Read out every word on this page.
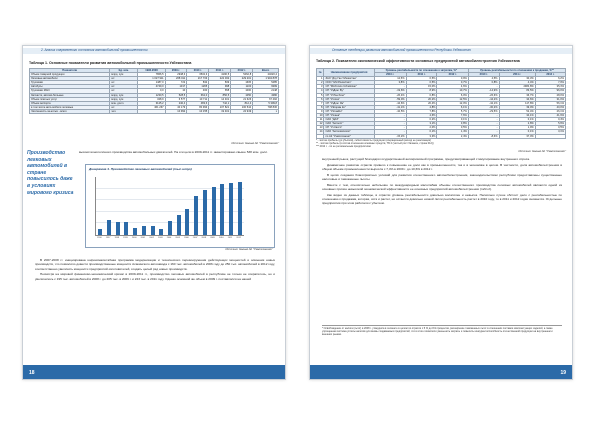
2. Анализ современного состояния автомобильной промышленности
Таблица 1. Основные показатели развития автомобильной промышленности Узбекистана
Показатели	Ед. изм.	1996-2008	2009 г.	2010 г.	2011 г.	2012 г.	Всего
Объем товарной продукции	млрд. сум	7866,5	2948,3	3532,3	4190,5	5462,8	24020,4
Легковые автомобили	шт	1 027 911	208 011	217 733	222 032	229 201	1 904 878
Грузовики	шт	1487,0	722	832	839	1605	5485
Автобусы	шт	4749,0	1317	1265	998	1100	9399
Грузовики MAN	шт	0,0	10	460	658	1000	2148
Запчасти, автомо-бильные	млрд. сум	1230,5	528,5	662,0	856,5	1050	4380
Объем платных услуг	млрд. сум	328,9	6 577	10 711	14 401	21 626	67 492
Объем экспорта	млн. долл.	3125,2	240,4	483,6	742,1	812,4	5 399,8
в том числе авто-мобили легковые	шт	461 267	40 179	80 993	107 821	100 544	798 836
Численность за-нятых - всего	чел.		10 992	10 155	19 401	22 949	х
Источник: данные АК "Узавтосаноат"

высокотехнологичного производства автомобильных двигателей. На эти цели в 2009-2011 гг. инвестировано свыше 538 млн. долл.

Производство легковых автомобилей в стране повысилось даже в условиях мирового кризиса
Диаграмма 4. Производство легковых автомобилей (тыс.штук)
1996	1997	1998	1999	2000	2001	2002	2003	2004	2005	2006	2007	2008	2009	2010	2011	2012
Источник: данные АК "Узавтосаноат"

В 2007-2008 гг. инициирована широкомасштабная программа модернизации и технического перевооружения действующих мощностей и освоения новых производств, что позволило довести производственные мощности Асакинского автозавода с 160 тыс. автомобилей в 2006 году до 250 тыс. автомобилей в 2012 году, соответственно увеличить мощности предприятий-изготовителей, создать целый ряд новых производств.

Несмотря на мировой финансово-экономический кризис в 2009-2011 гг., производство легковых автомобилей в республике не только не сократилось, но и увеличилось с 195 тыс. автомобилей в 2008 г. до 205 тыс. в 2009 г. и 223 тыс. в 2011 году. Однако основной же объем в 2009 г. поставлялся на нашей

18
Основные тенденции развития автомобильной промышленности Республики Узбекистан
Таблица 2. Показатели экономической эффективности основных предприятий автомобилестроения Узбекистана
№	Наименование предприятия	Уровень рентабельности по отношению к затратам, %*			Уровень рентабельности по отношению к продажам, %**		
		2010 г.	2011 г.	2012 г.	2010 г.	2011 г.	2012 г.
1	ЗАО "Дэу Ган Узбекистан"	12,5%	6,5%	0,9%	4,5%	30,3%	6,2%
2	ООО "GM Powertrain"	3,8%	0,5%	0,7%	0,8%	4,4%	7,0%
3	СП "MAN Auto Uzbekistan"	-	15,0%	4,6%	-	2984,8%	35,3%
4	СП "УзДонг Ву"	-19,6%	8,9%	10,7%	-14,9%	83,5%	96,0%
5	СП "УзТонгХонг"	-26,4%	0,8%	6,0%	-26,6%	36,7%	28,0%
6	СП "Узтоза"	-59,0%	20,2%	12,5%	-44,2%	34,6%	31,0%
7	СП "УзДонг Ян"	-44,6%	20,4%	12,0%	-42,1%	117,8%	56,1%
8	СП "УзКорам Ко"	-41,1%	4,8%	6,1%	-30,2%	39,0%	40,0%
9	СП "УзСамКи"	-42,5%	7,8%	5,7%	-29,5%	52,4%	26,1%
10	СП "Узхана"	-	4,6%	7,6%	-	34,1%	41,9%
11	ОАО "ДАЗ"	-	0,2%	0,1%	-	0,1%	0,4%
12	ОАО "Автоопт"	-	3,1%	3,8%	-	2,8%	5,6%
13	СП "Уз Кассо"	-	2,0%	0,5%	-	1,9%	0,5%
14	ОАО "Автохимпокоп"	-	0,1%	1,4%	-	0,1%	3,1%
	по АК "Узавтосаноат"	-15,2%	3,3%	2,4%	-8,6%	37,0%	
* - чистая прибыль (до убытков), себестоимость продукции (операционный расход ее реализации)
** - чистая прибыль (в состав отношения основных средств, ТБ 4 (чистый рост баланса, строка 012))
*** 2012 г. - по ее региональным предприятиям.
Источник: данные АК "Узавтосаноат"

внутренний рынок, растущий благодаря государственной антикризисной программе, предусматривающей стимулирование внутреннего спроса.

Динамичное развитие отрасли привело к повышению ее доли как в промышленности, так и в экономике в целом. В частности, доля автомобилестроения в общем объеме промышленности выросла с 7,4% в 2009 г. до 10,6% в 2012 г.

В целях создания благоприятных условий для развития отечественного автомобилестроения, законодательством республики предоставлены существенные налоговые и таможенные льготы.

Вместе с тем, относительно небольшие по международным масштабам объемы отечественного производства легковых автомобилей являются одной из основных причин невысокой экономической эффективности ее основных предприятий автомобилестроения (табл.2).

Как видно из данных таблицы, в отрасли уровень рентабельности довольно волатилен и невысок. Несколько лучше обстоит дело с рентабельностью по отношению к продажам, которая, хотя и растет, но остается довольно низкой. Если рентабельность растет в 2010 году, то в 2011 и 2012 годах снижается. Отдельные предприятия при этом работали с убытком.

* Освобождение от налога (льгот) в 2008 г. утвердила в сегменте в целом по отрасли с 5 % до 8-9 процентов, расширение таможенных льгот в отношении поставок комплектующих изделий, а также упрощенная система уплаты налогов для вновь создаваемых предприятий, что в итоге позволило уменьшить затраты и повысить конкурентоспособность отечественной продукции на внутреннем и внешних рынках.
19
